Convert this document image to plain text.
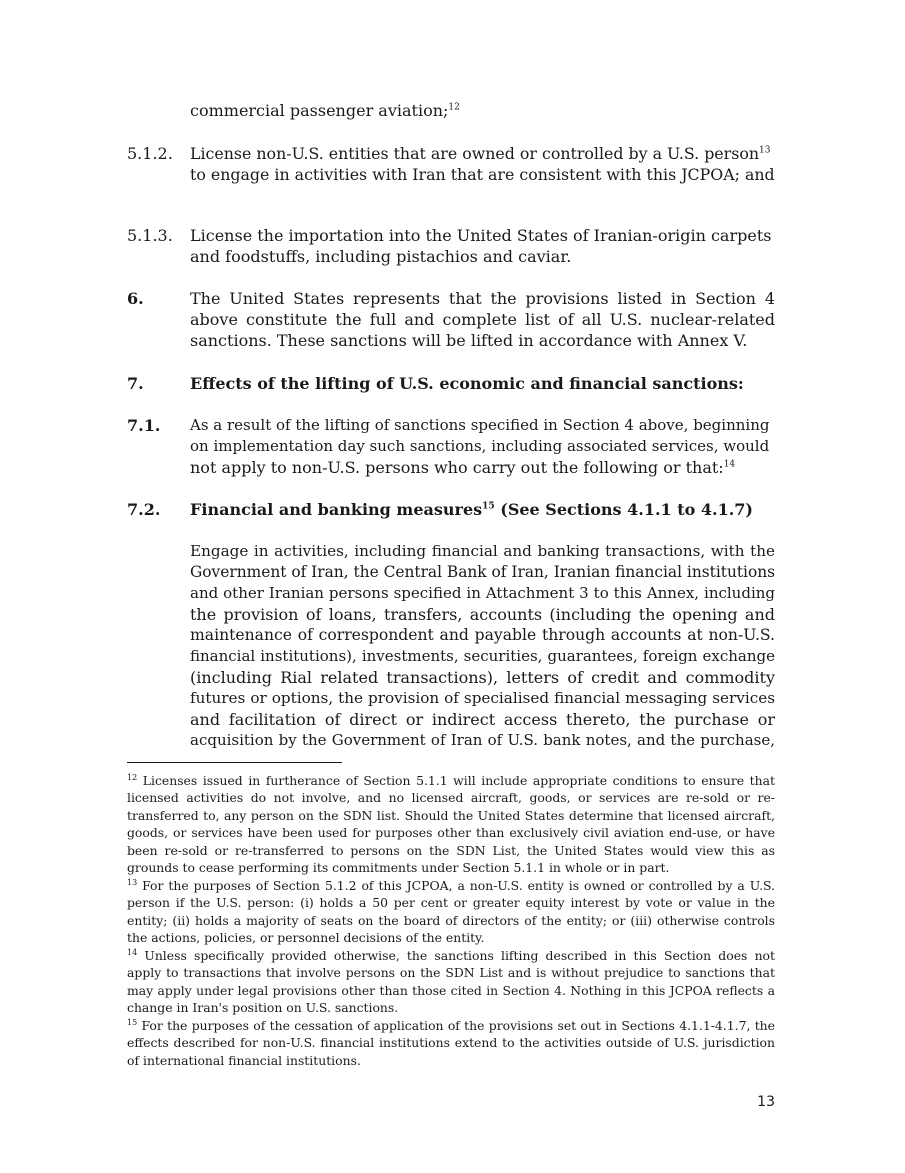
commercial passenger aviation;$^{12}$
5.1.2. License non-U.S. entities that are owned or controlled by a U.S. person$^{13}$
to engage in activities with Iran that are consistent with this JCPOA; and
5.1.3. License the importation into the United States of Iranian-origin carpets
and foodstuffs, including pistachios and caviar.
6.	The United States represents that the provisions listed in Section 4
above constitute the full and complete list of all U.S. nuclear-related
sanctions. These sanctions will be lifted in accordance with Annex V.
7.	Effects of the lifting of U.S. economic and financial sanctions:
7.1. As a result of the lifting of sanctions specified in Section 4 above, beginning
on implementation day such sanctions, including associated services, would
not apply to non-U.S. persons who carry out the following or that:$^{14}$
7.2. Financial and banking measures$^{15}$ (See Sections 4.1.1 to 4.1.7)
Engage in activities, including financial and banking transactions, with the
Government of Iran, the Central Bank of Iran, Iranian financial institutions
and other Iranian persons specified in Attachment 3 to this Annex, including
the provision of loans, transfers, accounts (including the opening and
maintenance of correspondent and payable through accounts at non-U.S.
financial institutions), investments, securities, guarantees, foreign exchange
(including Rial related transactions), letters of credit and commodity
futures or options, the provision of specialised financial messaging services
and facilitation of direct or indirect access thereto, the purchase or
acquisition by the Government of Iran of U.S. bank notes, and the purchase,
$^{12}$ Licenses issued in furtherance of Section 5.1.1 will include appropriate conditions to ensure that
licensed activities do not involve, and no licensed aircraft, goods, or services are re-sold or re-
transferred to, any person on the SDN list. Should the United States determine that licensed aircraft,
goods, or services have been used for purposes other than exclusively civil aviation end-use, or have
been re-sold or re-transferred to persons on the SDN List, the United States would view this as
grounds to cease performing its commitments under Section 5.1.1 in whole or in part.
$^{13}$ For the purposes of Section 5.1.2 of this JCPOA, a non-U.S. entity is owned or controlled by a U.S.
person if the U.S. person: (i) holds a 50 per cent or greater equity interest by vote or value in the
entity; (ii) holds a majority of seats on the board of directors of the entity; or (iii) otherwise controls
the actions, policies, or personnel decisions of the entity.
$^{14}$ Unless specifically provided otherwise, the sanctions lifting described in this Section does not
apply to transactions that involve persons on the SDN List and is without prejudice to sanctions that
may apply under legal provisions other than those cited in Section 4. Nothing in this JCPOA reflects a
change in Iran's position on U.S. sanctions.
$^{15}$ For the purposes of the cessation of application of the provisions set out in Sections 4.1.1-4.1.7, the
effects described for non-U.S. financial institutions extend to the activities outside of U.S. jurisdiction
of international financial institutions.
13
